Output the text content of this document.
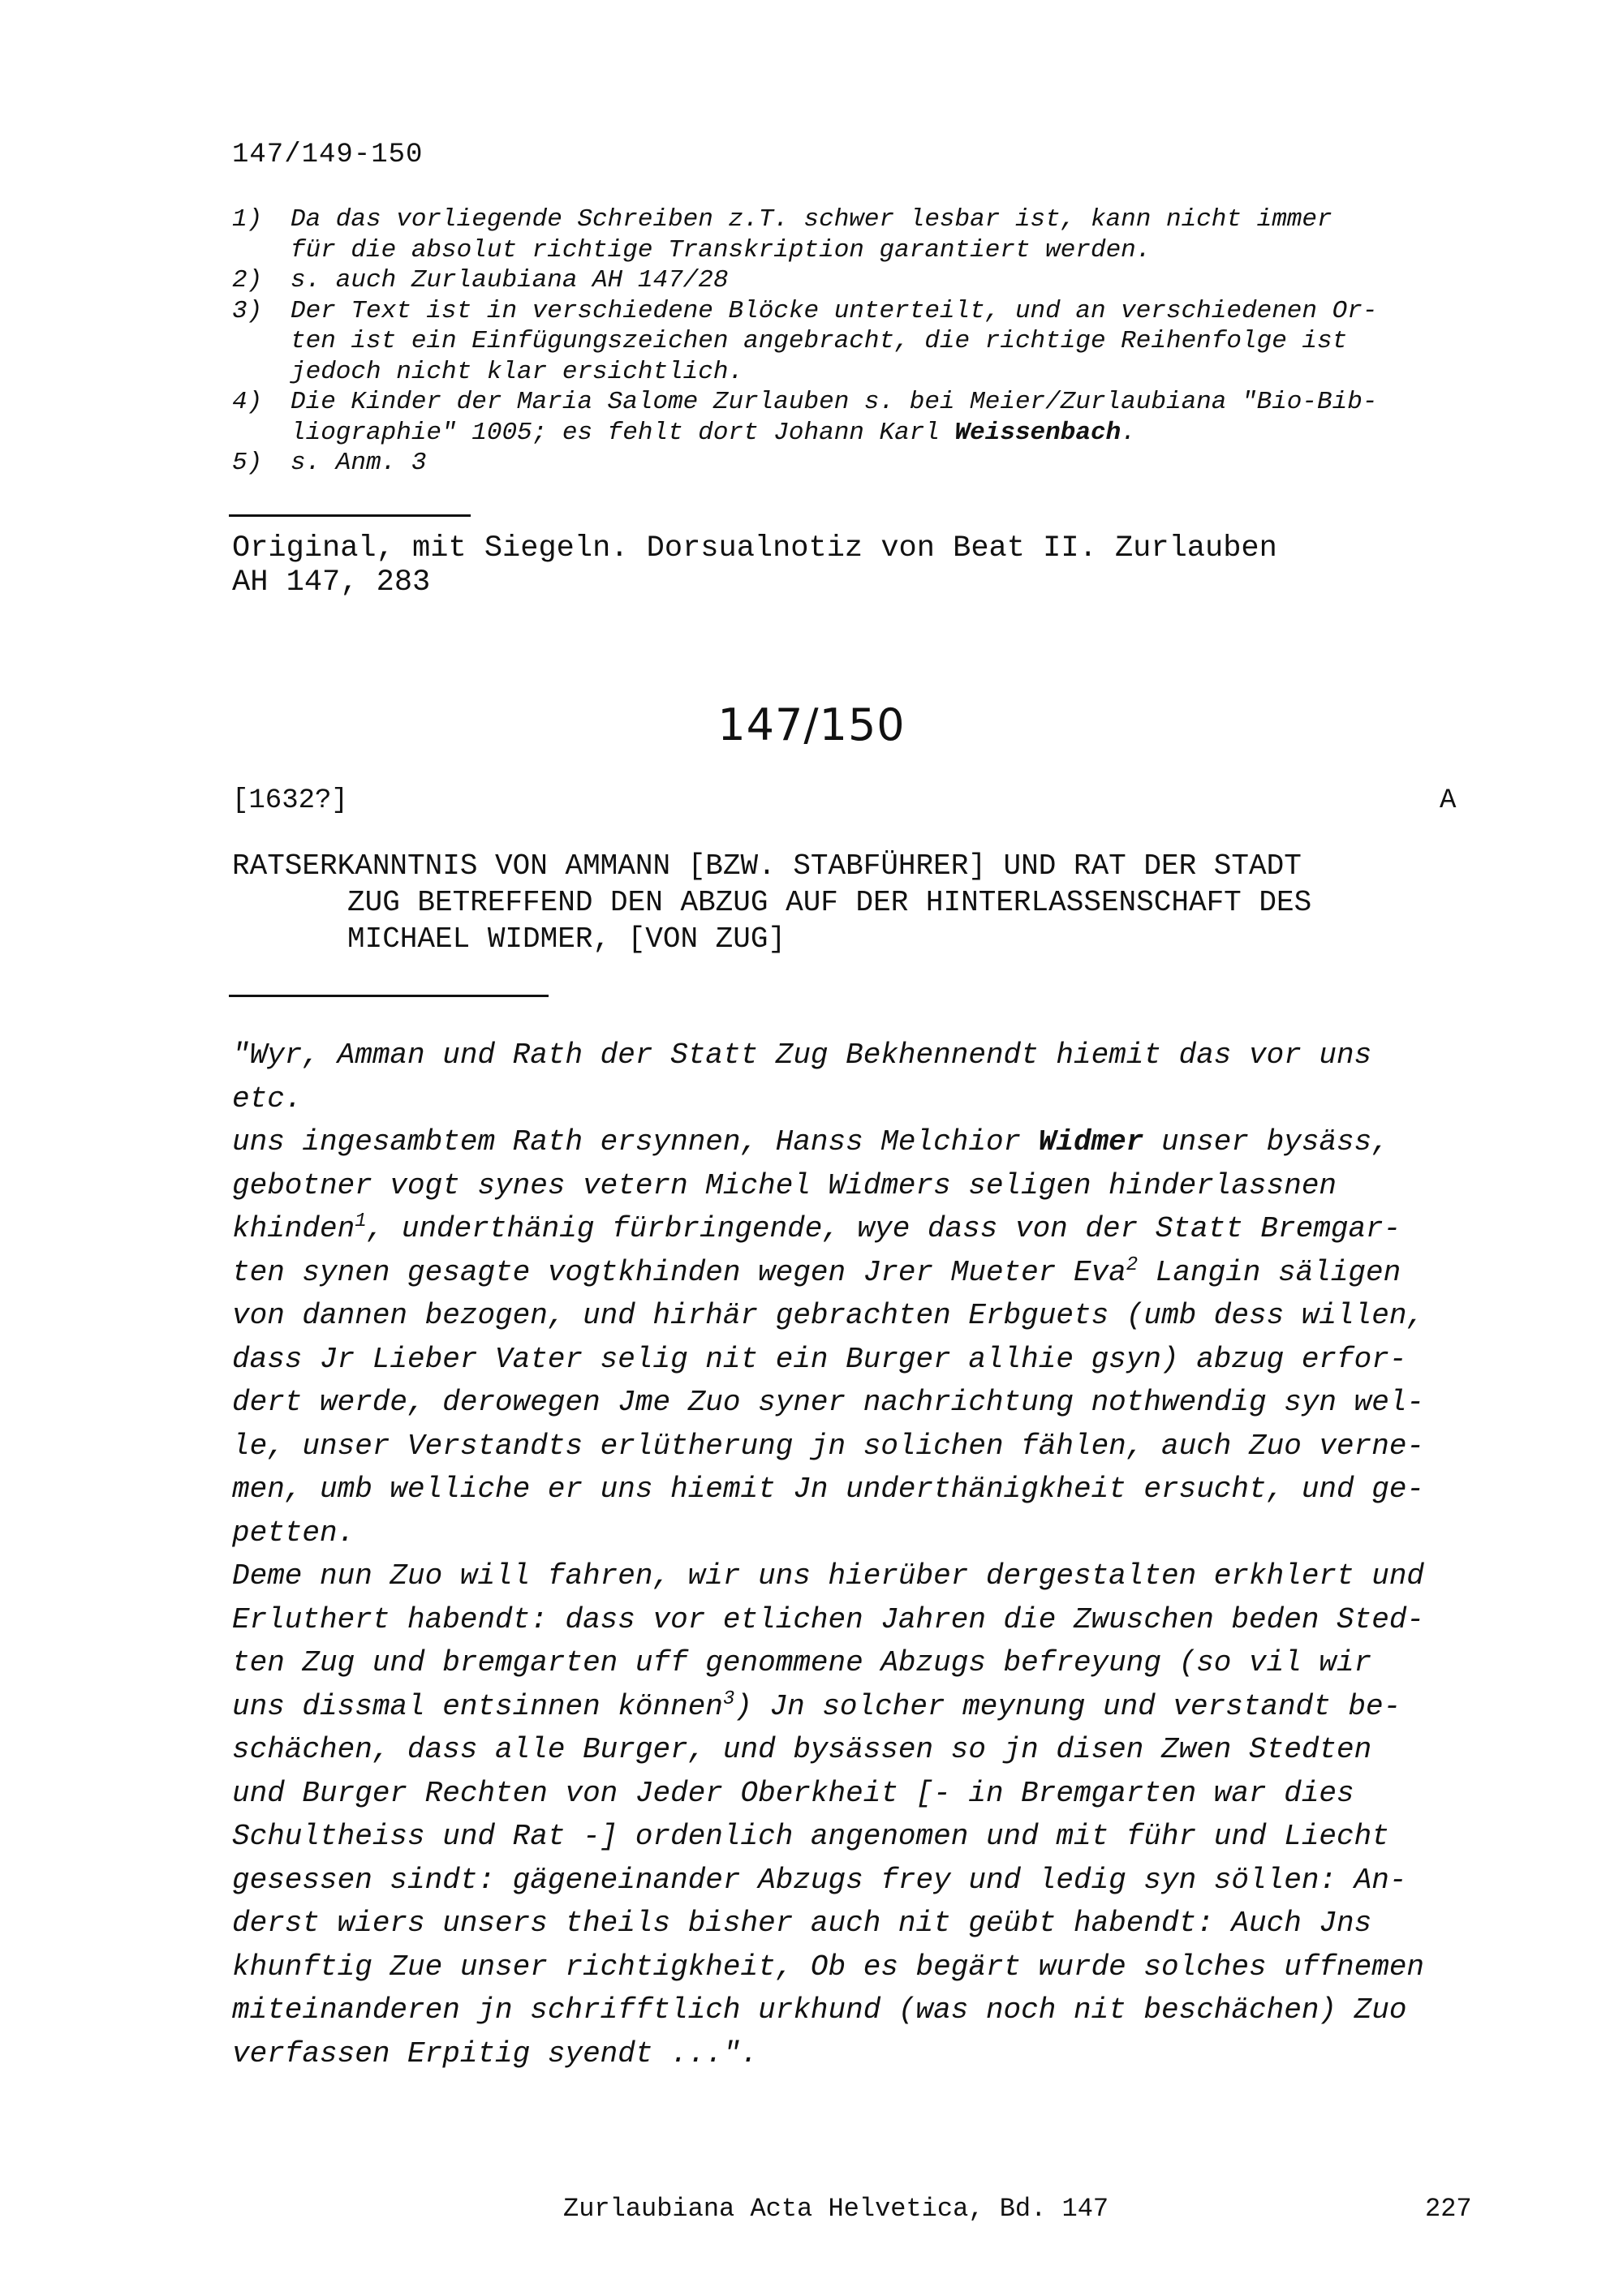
147/149-150
1) Da das vorliegende Schreiben z.T. schwer lesbar ist, kann nicht immer
für die absolut richtige Transkription garantiert werden.
2) s. auch Zurlaubiana AH 147/28
3) Der Text ist in verschiedene Blöcke unterteilt, und an verschiedenen Or-
ten ist ein Einfügungszeichen angebracht, die richtige Reihenfolge ist
jedoch nicht klar ersichtlich.
4) Die Kinder der Maria Salome Zurlauben s. bei Meier/Zurlaubiana "Bio-Bib-
liographie" 1005; es fehlt dort Johann Karl Weissenbach.
5) s. Anm. 3
Original, mit Siegeln. Dorsualnotiz von Beat II. Zurlauben
AH 147, 283
147/150
[1632?]	A
RATSERKANNTNIS VON AMMANN [BZW. STABFÜHRER] UND RAT DER STADT
ZUG BETREFFEND DEN ABZUG AUF DER HINTERLASSENSCHAFT DES
MICHAEL WIDMER, [VON ZUG]
"Wyr, Amman und Rath der Statt Zug Bekhennendt hiemit das vor uns
etc.
uns ingesambtem Rath ersynnen, Hanss Melchior Widmer unser bysäss,
gebotner vogt synes vetern Michel Widmers seligen hinderlassnen
khinden$^1$, underthänig fürbringende, wye dass von der Statt Bremgar-
ten synen gesagte vogtkhinden wegen Jrer Mueter Eva$^2$ Langin säligen
von dannen bezogen, und hirhär gebrachten Erbguets (umb dess willen,
dass Jr Lieber Vater selig nit ein Burger allhie gsyn) abzug erfor-
dert werde, derowegen Jme Zuo syner nachrichtung nothwendig syn wel-
le, unser Verstandts erlütherung jn solichen fählen, auch Zuo verne-
men, umb welliche er uns hiemit Jn underthänigkheit ersucht, und ge-
petten.
Deme nun Zuo will fahren, wir uns hierüber dergestalten erkhlert und
Erluthert habendt: dass vor etlichen Jahren die Zwuschen beden Sted-
ten Zug und bremgarten uff genommene Abzugs befreyung (so vil wir
uns dissmal entsinnen können$^3$) Jn solcher meynung und verstandt be-
schächen, dass alle Burger, und bysässen so jn disen Zwen Stedten
und Burger Rechten von Jeder Oberkheit [- in Bremgarten war dies
Schultheiss und Rat -] ordenlich angenomen und mit führ und Liecht
gesessen sindt: gägeneinander Abzugs frey und ledig syn söllen: An-
derst wiers unsers theils bisher auch nit geübt habendt: Auch Jns
khunftig Zue unser richtigkheit, Ob es begärt wurde solches uffnemen
miteinanderen jn schrifftlich urkhund (was noch nit beschächen) Zuo
verfassen Erpitig syendt ...".
Zurlaubiana Acta Helvetica, Bd. 147	227
